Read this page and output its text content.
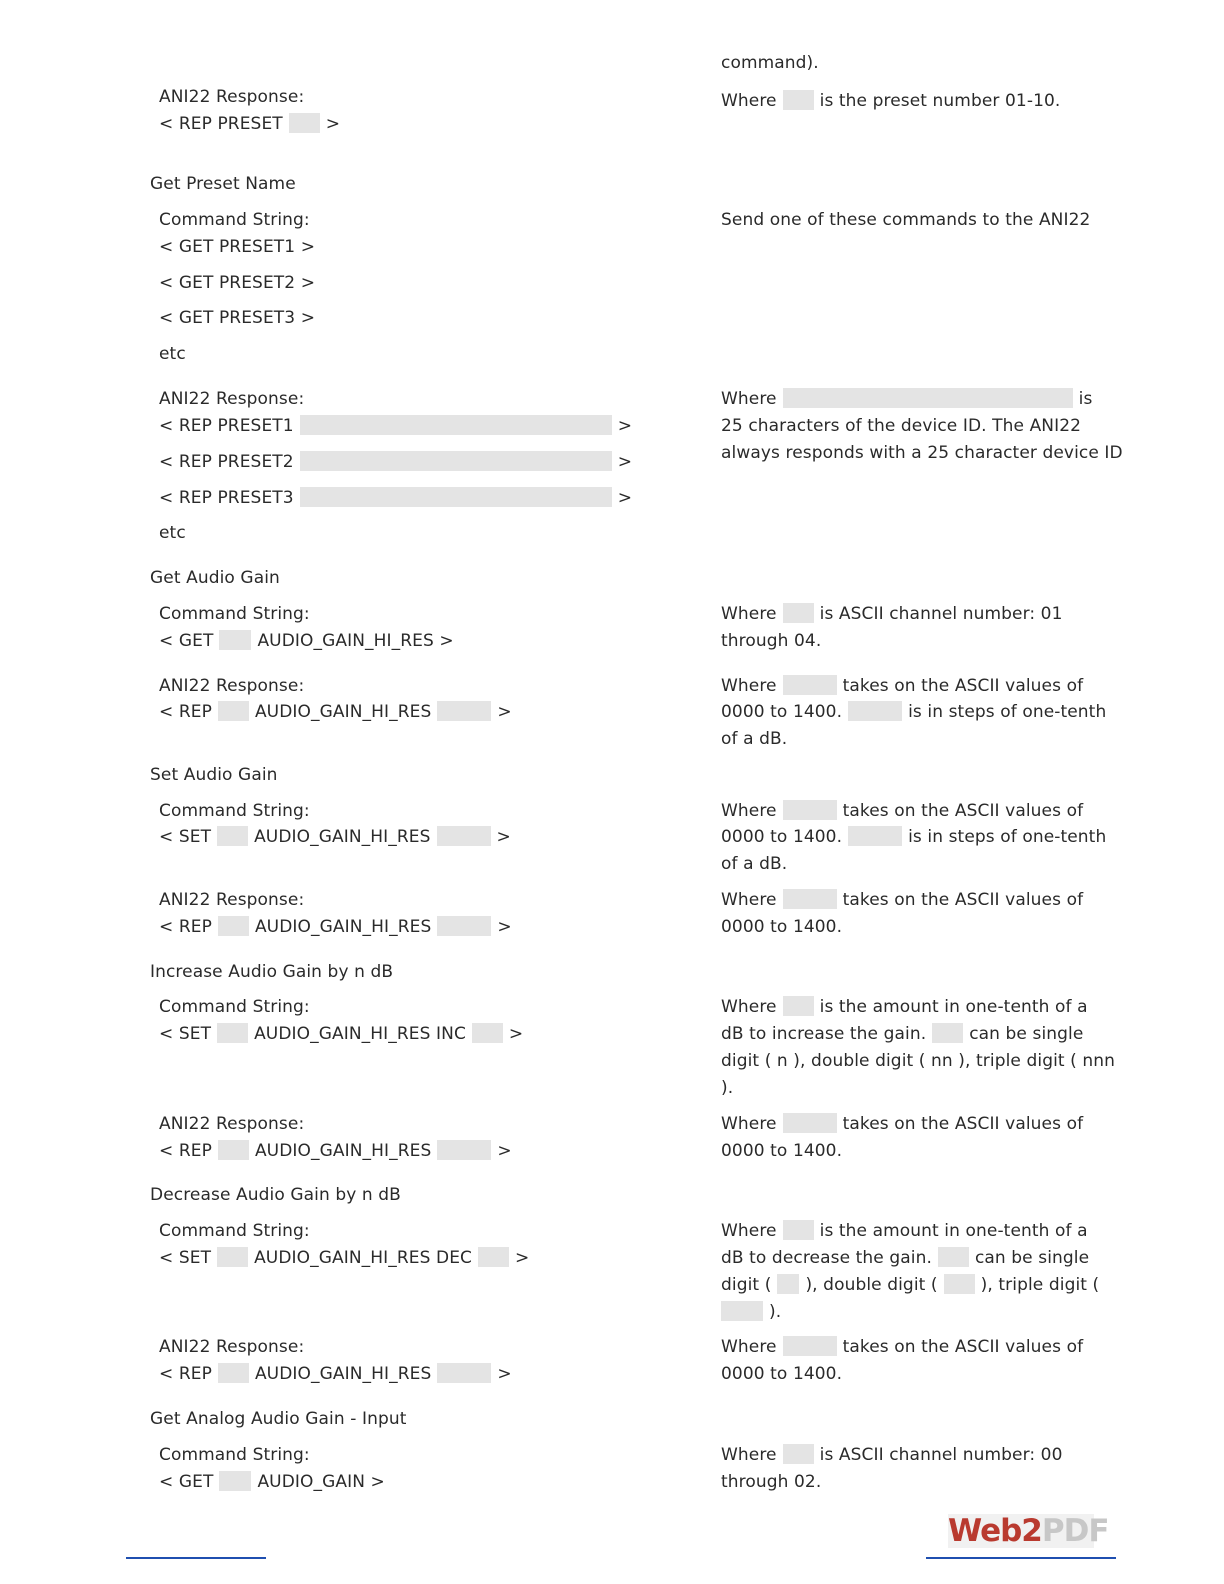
command).
ANI22 Response:
< REP PRESET	>
Where	is the preset number 01-10.
Get Preset Name
Command String:
< GET PRESET1 >
< GET PRESET2 >
< GET PRESET3 >
etc
Send one of these commands to the ANI22
ANI22 Response:
< REP PRESET1	>
< REP PRESET2	>
< REP PRESET3	>
etc
Where	is
25 characters of the device ID. The ANI22
always responds with a 25 character device ID
Get Audio Gain
Command String:
< GET	AUDIO_GAIN_HI_RES >
Where	is ASCII channel number: 01
through 04.
ANI22 Response:
< REP	AUDIO_GAIN_HI_RES	>
Where	takes on the ASCII values of
0000 to 1400.	is in steps of one-tenth
of a dB.
Set Audio Gain
Command String:
< SET	AUDIO_GAIN_HI_RES	>
Where	takes on the ASCII values of
0000 to 1400.	is in steps of one-tenth
of a dB.
ANI22 Response:
< REP	AUDIO_GAIN_HI_RES	>
Where	takes on the ASCII values of
0000 to 1400.
Increase Audio Gain by n dB
Command String:
< SET	AUDIO_GAIN_HI_RES INC	>
Where	is the amount in one-tenth of a
dB to increase the gain.	can be single
digit ( n ), double digit ( nn ), triple digit ( nnn
).
ANI22 Response:
< REP	AUDIO_GAIN_HI_RES	>
Where	takes on the ASCII values of
0000 to 1400.
Decrease Audio Gain by n dB
Command String:
< SET	AUDIO_GAIN_HI_RES DEC	>
Where	is the amount in one-tenth of a
dB to decrease the gain.	can be single
digit ( ), double digit (	), triple digit (
).
ANI22 Response:
< REP	AUDIO_GAIN_HI_RES	>
Where	takes on the ASCII values of
0000 to 1400.
Get Analog Audio Gain - Input
Command String:
< GET	AUDIO_GAIN >
Where	is ASCII channel number: 00
through 02.
Web2PDF
